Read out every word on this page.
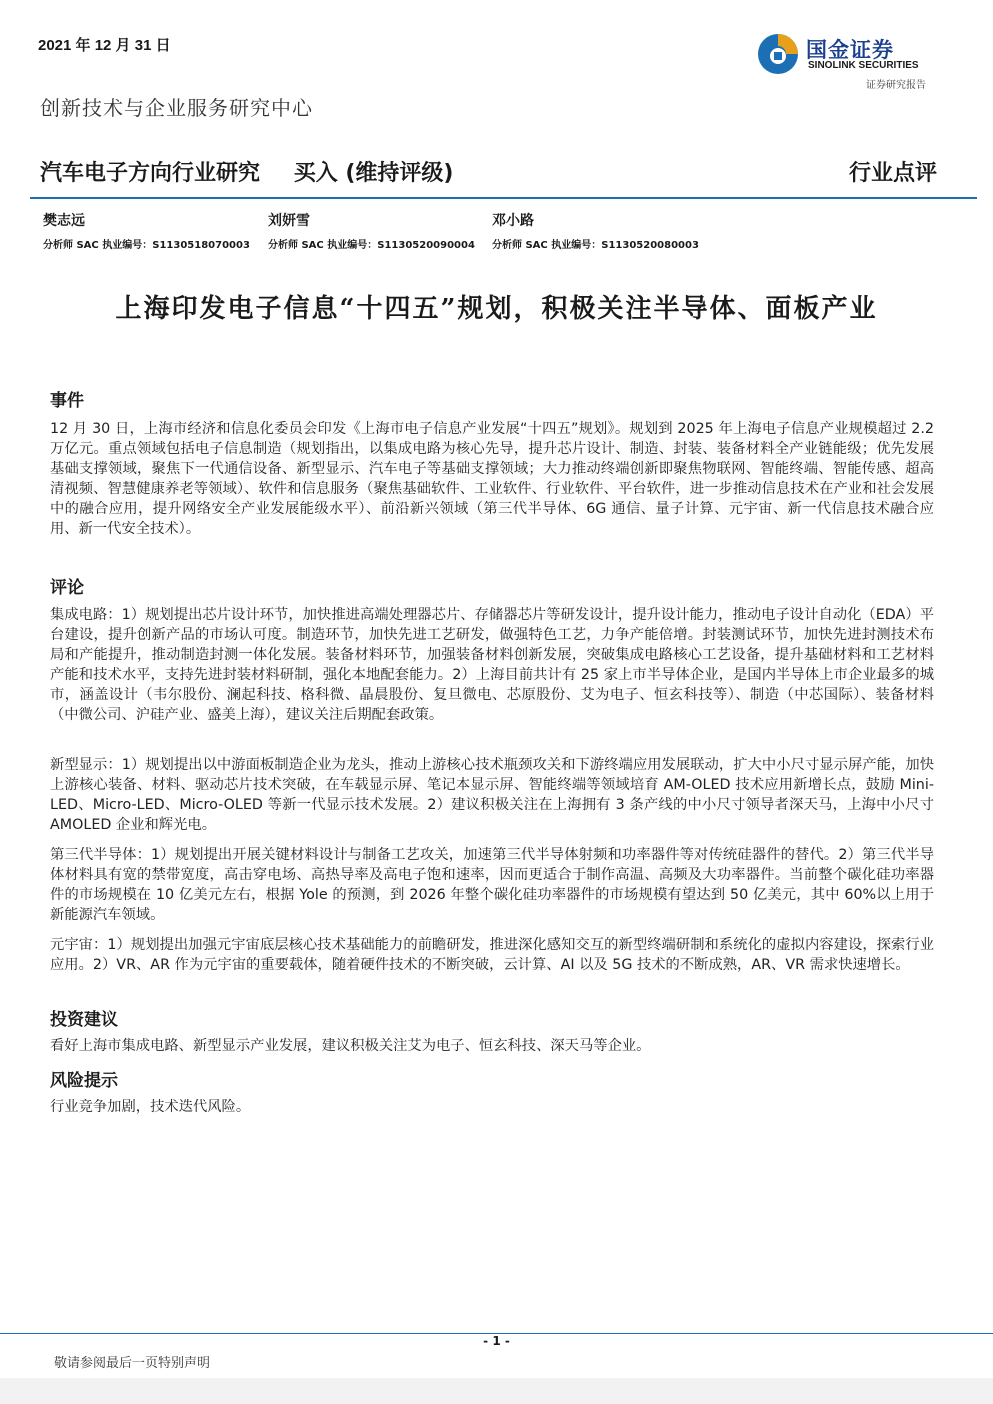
2021 年 12 月 31 日	国金证券
SINOLINK SECURITIES
证券研究报告
创新技术与企业服务研究中心
汽车电子方向行业研究 买入 (维持评级)	行业点评
樊志远
分析师 SAC 执业编号：S1130518070003
刘妍雪
分析师 SAC 执业编号：S1130520090004
邓小路
分析师 SAC 执业编号：S1130520080003
上海印发电子信息“十四五”规划，积极关注半导体、面板产业
事件
12 月 30 日，上海市经济和信息化委员会印发《上海市电子信息产业发展“十四五”规划》。规划到 2025 年上海电子信息产业规模超过 2.2 万亿元。重点领域包括电子信息制造（规划指出，以集成电路为核心先导，提升芯片设计、制造、封装、装备材料全产业链能级；优先发展基础支撑领域，聚焦下一代通信设备、新型显示、汽车电子等基础支撑领域；大力推动终端创新即聚焦物联网、智能终端、智能传感、超高清视频、智慧健康养老等领域）、软件和信息服务（聚焦基础软件、工业软件、行业软件、平台软件，进一步推动信息技术在产业和社会发展中的融合应用，提升网络安全产业发展能级水平）、前沿新兴领域（第三代半导体、6G 通信、量子计算、元宇宙、新一代信息技术融合应用、新一代安全技术）。
评论
集成电路：1）规划提出芯片设计环节，加快推进高端处理器芯片、存储器芯片等研发设计，提升设计能力，推动电子设计自动化（EDA）平台建设，提升创新产品的市场认可度。制造环节，加快先进工艺研发，做强特色工艺，力争产能倍增。封装测试环节，加快先进封测技术布局和产能提升，推动制造封测一体化发展。装备材料环节，加强装备材料创新发展，突破集成电路核心工艺设备，提升基础材料和工艺材料产能和技术水平，支持先进封装材料研制，强化本地配套能力。2）上海目前共计有 25 家上市半导体企业，是国内半导体上市企业最多的城市，涵盖设计（韦尔股份、澜起科技、格科微、晶晨股份、复旦微电、芯原股份、艾为电子、恒玄科技等）、制造（中芯国际）、装备材料（中微公司、沪硅产业、盛美上海），建议关注后期配套政策。
新型显示：1）规划提出以中游面板制造企业为龙头，推动上游核心技术瓶颈攻关和下游终端应用发展联动，扩大中小尺寸显示屏产能，加快上游核心装备、材料、驱动芯片技术突破，在车载显示屏、笔记本显示屏、智能终端等领域培育 AM-OLED 技术应用新增长点，鼓励 Mini-LED、Micro-LED、Micro-OLED 等新一代显示技术发展。2）建议积极关注在上海拥有 3 条产线的中小尺寸领导者深天马，上海中小尺寸 AMOLED 企业和辉光电。
第三代半导体：1）规划提出开展关键材料设计与制备工艺攻关，加速第三代半导体射频和功率器件等对传统硅器件的替代。2）第三代半导体材料具有宽的禁带宽度，高击穿电场、高热导率及高电子饱和速率，因而更适合于制作高温、高频及大功率器件。当前整个碳化硅功率器件的市场规模在 10 亿美元左右，根据 Yole 的预测，到 2026 年整个碳化硅功率器件的市场规模有望达到 50 亿美元，其中 60%以上用于新能源汽车领域。
元宇宙：1）规划提出加强元宇宙底层核心技术基础能力的前瞻研发，推进深化感知交互的新型终端研制和系统化的虚拟内容建设，探索行业应用。2）VR、AR 作为元宇宙的重要载体，随着硬件技术的不断突破，云计算、AI 以及 5G 技术的不断成熟，AR、VR 需求快速增长。
投资建议
看好上海市集成电路、新型显示产业发展，建议积极关注艾为电子、恒玄科技、深天马等企业。
风险提示
行业竞争加剧，技术迭代风险。
- 1 -
敬请参阅最后一页特别声明
